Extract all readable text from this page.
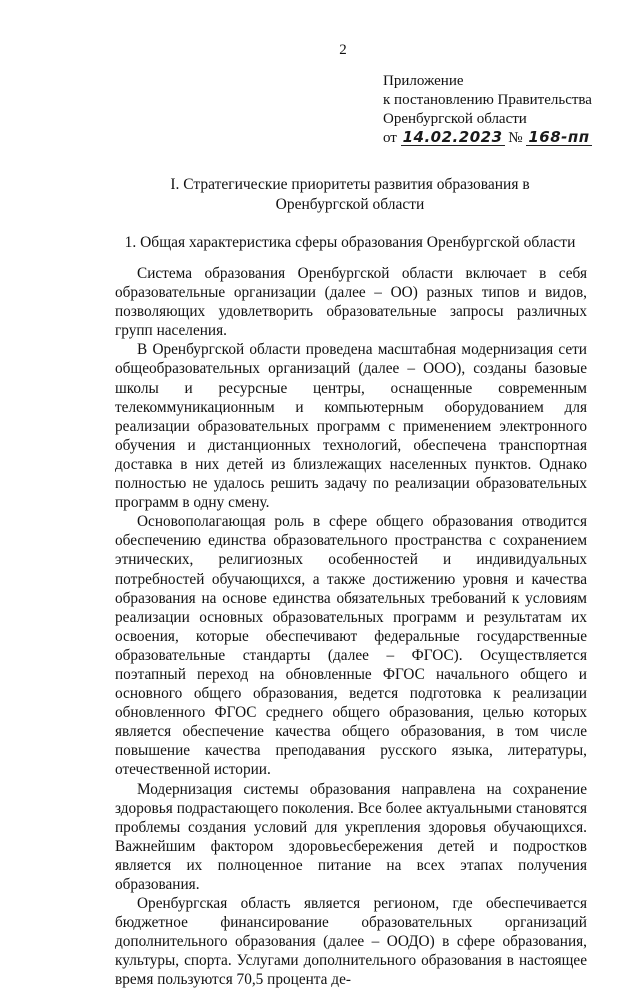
2
Приложение
к постановлению Правительства
Оренбургской области
от 14.02.2023 № 168-пп
I. Стратегические приоритеты развития образования в
Оренбургской области
1. Общая характеристика сферы образования Оренбургской области

Система образования Оренбургской области включает в себя образовательные организации (далее – ОО) разных типов и видов, позволяющих удовлетворить образовательные запросы различных групп населения.

В Оренбургской области проведена масштабная модернизация сети общеобразовательных организаций (далее – ООО), созданы базовые школы и ресурсные центры, оснащенные современным телекоммуникационным и компьютерным оборудованием для реализации образовательных программ с применением электронного обучения и дистанционных технологий, обеспечена транспортная доставка в них детей из близлежащих населенных пунктов. Однако полностью не удалось решить задачу по реализации образовательных программ в одну смену.

Основополагающая роль в сфере общего образования отводится обеспечению единства образовательного пространства с сохранением этнических, религиозных особенностей и индивидуальных потребностей обучающихся, а также достижению уровня и качества образования на основе единства обязательных требований к условиям реализации основных образовательных программ и результатам их освоения, которые обеспечивают федеральные государственные образовательные стандарты (далее – ФГОС). Осуществляется поэтапный переход на обновленные ФГОС начального общего и основного общего образования, ведется подготовка к реализации обновленного ФГОС среднего общего образования, целью которых является обеспечение качества общего образования, в том числе повышение качества преподавания русского языка, литературы, отечественной истории.

Модернизация системы образования направлена на сохранение здоровья подрастающего поколения. Все более актуальными становятся проблемы создания условий для укрепления здоровья обучающихся. Важнейшим фактором здоровьесбережения детей и подростков является их полноценное питание на всех этапах получения образования.

Оренбургская область является регионом, где обеспечивается бюджетное финансирование образовательных организаций дополнительного образования (далее – ООДО) в сфере образования, культуры, спорта. Услугами дополнительного образования в настоящее время пользуются 70,5 процента де-
